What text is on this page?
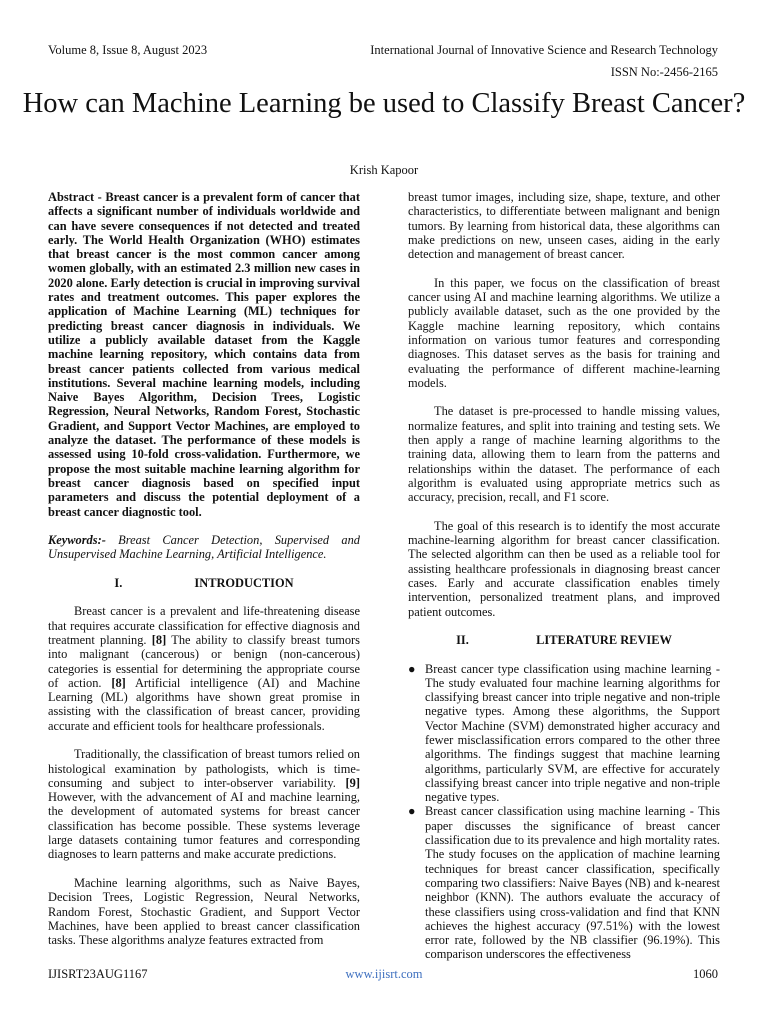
Volume 8, Issue 8, August 2023	International Journal of Innovative Science and Research Technology
ISSN No:-2456-2165
How can Machine Learning be used to Classify Breast Cancer?
Krish Kapoor

Abstract - Breast cancer is a prevalent form of cancer that affects a significant number of individuals worldwide and can have severe consequences if not detected and treated early. The World Health Organization (WHO) estimates that breast cancer is the most common cancer among women globally, with an estimated 2.3 million new cases in 2020 alone. Early detection is crucial in improving survival rates and treatment outcomes. This paper explores the application of Machine Learning (ML) techniques for predicting breast cancer diagnosis in individuals. We utilize a publicly available dataset from the Kaggle machine learning repository, which contains data from breast cancer patients collected from various medical institutions. Several machine learning models, including Naive Bayes Algorithm, Decision Trees, Logistic Regression, Neural Networks, Random Forest, Stochastic Gradient, and Support Vector Machines, are employed to analyze the dataset. The performance of these models is assessed using 10-fold cross-validation. Furthermore, we propose the most suitable machine learning algorithm for breast cancer diagnosis based on specified input parameters and discuss the potential deployment of a breast cancer diagnostic tool.

Keywords:- Breast Cancer Detection, Supervised and Unsupervised Machine Learning, Artificial Intelligence.

I.	INTRODUCTION

Breast cancer is a prevalent and life-threatening disease that requires accurate classification for effective diagnosis and treatment planning. [8] The ability to classify breast tumors into malignant (cancerous) or benign (non-cancerous) categories is essential for determining the appropriate course of action. [8] Artificial intelligence (AI) and Machine Learning (ML) algorithms have shown great promise in assisting with the classification of breast cancer, providing accurate and efficient tools for healthcare professionals.

Traditionally, the classification of breast tumors relied on histological examination by pathologists, which is time-consuming and subject to inter-observer variability. [9] However, with the advancement of AI and machine learning, the development of automated systems for breast cancer classification has become possible. These systems leverage large datasets containing tumor features and corresponding diagnoses to learn patterns and make accurate predictions.

Machine learning algorithms, such as Naive Bayes, Decision Trees, Logistic Regression, Neural Networks, Random Forest, Stochastic Gradient, and Support Vector Machines, have been applied to breast cancer classification tasks. These algorithms analyze features extracted from

breast tumor images, including size, shape, texture, and other characteristics, to differentiate between malignant and benign tumors. By learning from historical data, these algorithms can make predictions on new, unseen cases, aiding in the early detection and management of breast cancer.

In this paper, we focus on the classification of breast cancer using AI and machine learning algorithms. We utilize a publicly available dataset, such as the one provided by the Kaggle machine learning repository, which contains information on various tumor features and corresponding diagnoses. This dataset serves as the basis for training and evaluating the performance of different machine-learning models.

The dataset is pre-processed to handle missing values, normalize features, and split into training and testing sets. We then apply a range of machine learning algorithms to the training data, allowing them to learn from the patterns and relationships within the dataset. The performance of each algorithm is evaluated using appropriate metrics such as accuracy, precision, recall, and F1 score.

The goal of this research is to identify the most accurate machine-learning algorithm for breast cancer classification. The selected algorithm can then be used as a reliable tool for assisting healthcare professionals in diagnosing breast cancer cases. Early and accurate classification enables timely intervention, personalized treatment plans, and improved patient outcomes.

II.	LITERATURE REVIEW
● Breast cancer type classification using machine learning - The study evaluated four machine learning algorithms for classifying breast cancer into triple negative and non-triple negative types. Among these algorithms, the Support Vector Machine (SVM) demonstrated higher accuracy and fewer misclassification errors compared to the other three algorithms. The findings suggest that machine learning algorithms, particularly SVM, are effective for accurately classifying breast cancer into triple negative and non-triple negative types.
● Breast cancer classification using machine learning - This paper discusses the significance of breast cancer classification due to its prevalence and high mortality rates. The study focuses on the application of machine learning techniques for breast cancer classification, specifically comparing two classifiers: Naive Bayes (NB) and k-nearest neighbor (KNN). The authors evaluate the accuracy of these classifiers using cross-validation and find that KNN achieves the highest accuracy (97.51%) with the lowest error rate, followed by the NB classifier (96.19%). This comparison underscores the effectiveness
IJISRT23AUG1167	www.ijisrt.com	1060
